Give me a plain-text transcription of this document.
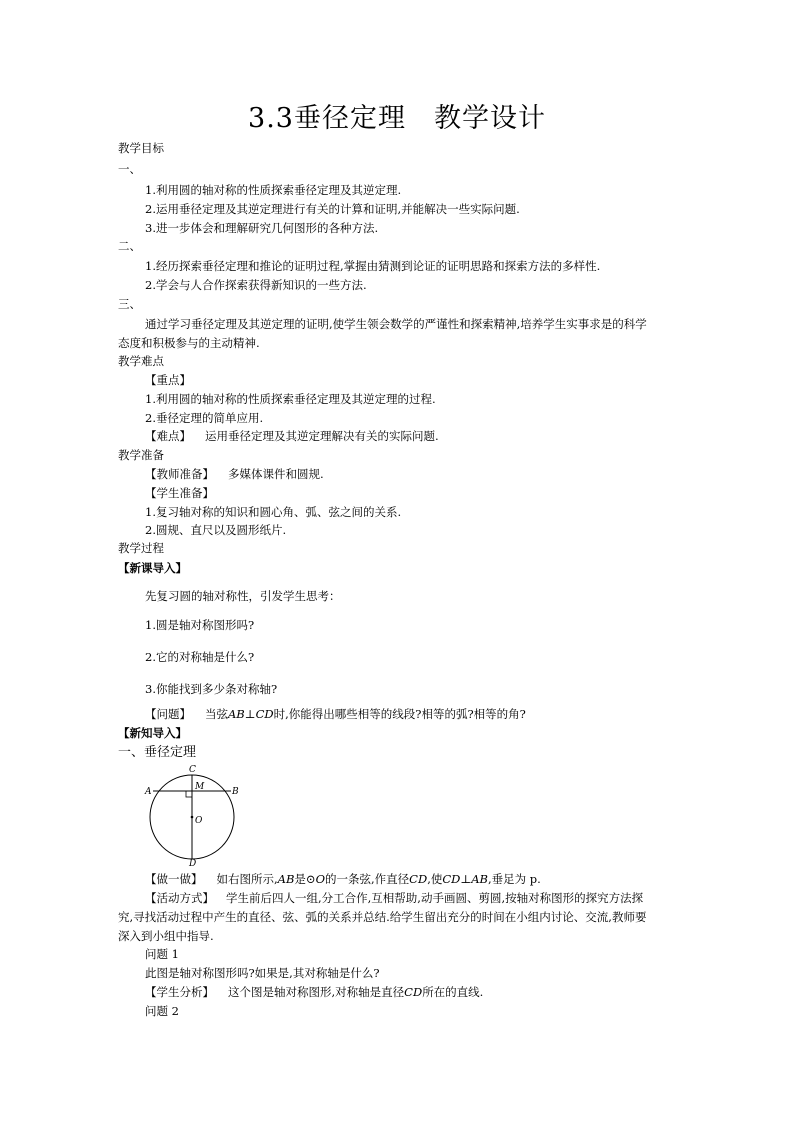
3.3垂径定理　教学设计
教学目标
一、
1.利用圆的轴对称的性质探索垂径定理及其逆定理.
2.运用垂径定理及其逆定理进行有关的计算和证明,并能解决一些实际问题.
3.进一步体会和理解研究几何图形的各种方法.
二、
1.经历探索垂径定理和推论的证明过程,掌握由猜测到论证的证明思路和探索方法的多样性.
2.学会与人合作探索获得新知识的一些方法.
三、
通过学习垂径定理及其逆定理的证明,使学生领会数学的严谨性和探索精神,培养学生实事求是的科学
态度和积极参与的主动精神.
教学难点
【重点】
1.利用圆的轴对称的性质探索垂径定理及其逆定理的过程.
2.垂径定理的简单应用.
【难点】 运用垂径定理及其逆定理解决有关的实际问题.
教学准备
【教师准备】 多媒体课件和圆规.
【学生准备】
1.复习轴对称的知识和圆心角、弧、弦之间的关系.
2.圆规、直尺以及圆形纸片.
教学过程
【新课导入】
先复习圆的轴对称性，引发学生思考：
1.圆是轴对称图形吗?
2.它的对称轴是什么?
3.你能找到多少条对称轴?
【问题】 当弦AB⊥CD时,你能得出哪些相等的线段?相等的弧?相等的角?
【新知导入】
一、垂径定理
C
A	B
M
O
D
【做一做】 如右图所示,AB是⊙O的一条弦,作直径CD,使CD⊥AB,垂足为 p.
【活动方式】 学生前后四人一组,分工合作,互相帮助,动手画圆、剪圆,按轴对称图形的探究方法探
究,寻找活动过程中产生的直径、弦、弧的关系并总结.给学生留出充分的时间在小组内讨论、交流,教师要
深入到小组中指导.
问题 1
此图是轴对称图形吗?如果是,其对称轴是什么?
【学生分析】 这个图是轴对称图形,对称轴是直径CD所在的直线.
问题 2
